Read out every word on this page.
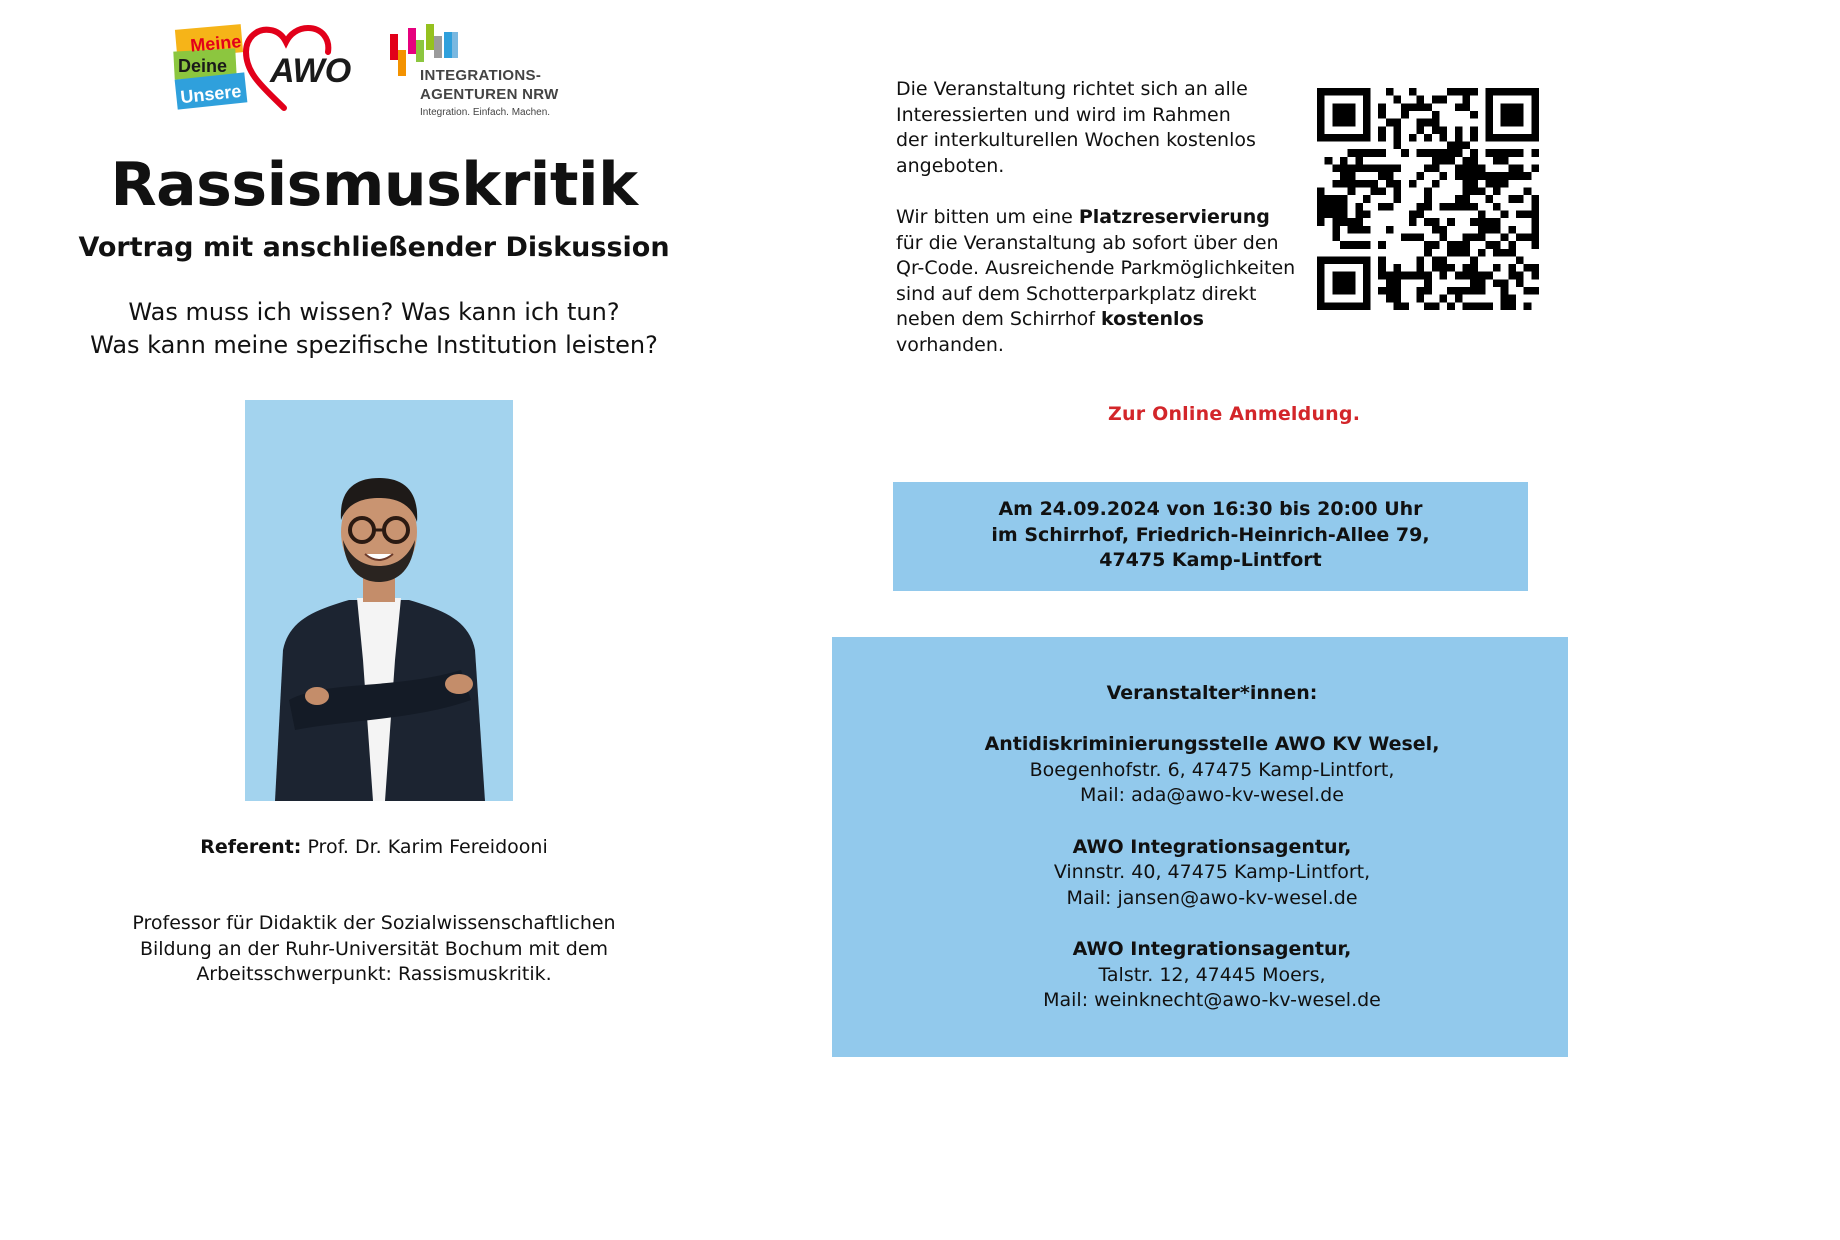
Meine
Deine
Unsere
AWO	INTEGRATIONS-
AGENTUREN NRW
Integration. Einfach. Machen.
Rassismuskritik
Vortrag mit anschließender Diskussion
Was muss ich wissen? Was kann ich tun?
Was kann meine spezifische Institution leisten?
Referent: Prof. Dr. Karim Fereidooni
Professor für Didaktik der Sozialwissenschaftlichen
Bildung an der Ruhr-Universität Bochum mit dem
Arbeitsschwerpunkt: Rassismuskritik.

Die Veranstaltung richtet sich an alle
Interessierten und wird im Rahmen
der interkulturellen Wochen kostenlos
angeboten.

Wir bitten um eine Platzreservierung
für die Veranstaltung ab sofort über den
Qr-Code. Ausreichende Parkmöglichkeiten
sind auf dem Schotterparkplatz direkt
neben dem Schirrhof kostenlos
vorhanden.

Zur Online Anmeldung.
Am 24.09.2024 von 16:30 bis 20:00 Uhr
im Schirrhof, Friedrich-Heinrich-Allee 79,
47475 Kamp-Lintfort
Veranstalter*innen:
Antidiskriminierungsstelle AWO KV Wesel,
Boegenhofstr. 6, 47475 Kamp-Lintfort,
Mail: ada@awo-kv-wesel.de
AWO Integrationsagentur,
Vinnstr. 40, 47475 Kamp-Lintfort,
Mail: jansen@awo-kv-wesel.de
AWO Integrationsagentur,
Talstr. 12, 47445 Moers,
Mail: weinknecht@awo-kv-wesel.de
